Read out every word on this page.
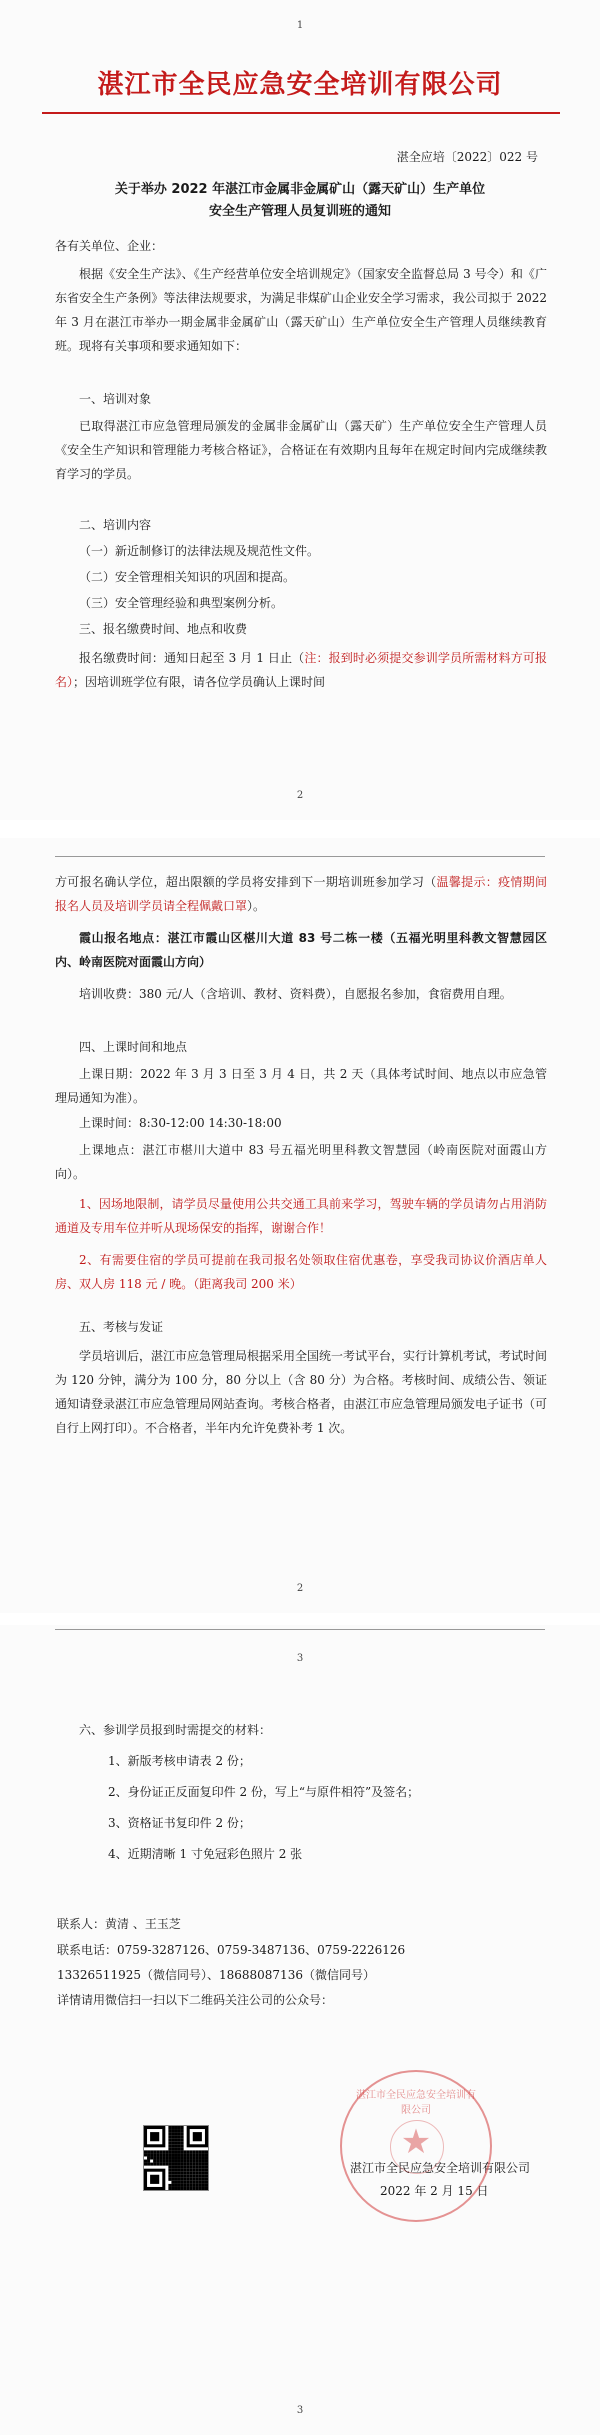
1
湛江市全民应急安全培训有限公司
湛全应培〔2022〕022 号
关于举办 2022 年湛江市金属非金属矿山（露天矿山）生产单位
安全生产管理人员复训班的通知
各有关单位、企业：
根据《安全生产法》、《生产经营单位安全培训规定》（国家安全监督总局 3 号令）和《广东省安全生产条例》等法律法规要求，为满足非煤矿山企业安全学习需求，我公司拟于 2022 年 3 月在湛江市举办一期金属非金属矿山（露天矿山）生产单位安全生产管理人员继续教育班。现将有关事项和要求通知如下：
一、培训对象
已取得湛江市应急管理局颁发的金属非金属矿山（露天矿）生产单位安全生产管理人员《安全生产知识和管理能力考核合格证》，合格证在有效期内且每年在规定时间内完成继续教育学习的学员。
二、培训内容
（一）新近制修订的法律法规及规范性文件。
（二）安全管理相关知识的巩固和提高。
（三）安全管理经验和典型案例分析。
三、报名缴费时间、地点和收费
报名缴费时间：通知日起至 3 月 1 日止（注：报到时必须提交参训学员所需材料方可报名）；因培训班学位有限，请各位学员确认上课时间
2
方可报名确认学位，超出限额的学员将安排到下一期培训班参加学习（温馨提示：疫情期间报名人员及培训学员请全程佩戴口罩）。
霞山报名地点：湛江市霞山区椹川大道 83 号二栋一楼（五福光明里科教文智慧园区内、岭南医院对面霞山方向）
培训收费：380 元/人（含培训、教材、资料费），自愿报名参加，食宿费用自理。
四、上课时间和地点
上课日期：2022 年 3 月 3 日至 3 月 4 日，共 2 天（具体考试时间、地点以市应急管理局通知为准）。
上课时间：8:30-12:00 14:30-18:00
上课地点：湛江市椹川大道中 83 号五福光明里科教文智慧园（岭南医院对面霞山方向）。
1、因场地限制，请学员尽量使用公共交通工具前来学习，驾驶车辆的学员请勿占用消防通道及专用车位并听从现场保安的指挥，谢谢合作！
2、有需要住宿的学员可提前在我司报名处领取住宿优惠卷，享受我司协议价酒店单人房、双人房 118 元 / 晚。（距离我司 200 米）
五、考核与发证
学员培训后，湛江市应急管理局根据采用全国统一考试平台，实行计算机考试，考试时间为 120 分钟，满分为 100 分，80 分以上（含 80 分）为合格。考核时间、成绩公告、领证通知请登录湛江市应急管理局网站查询。考核合格者，由湛江市应急管理局颁发电子证书（可自行上网打印）。不合格者，半年内允许免费补考 1 次。
2
3
六、参训学员报到时需提交的材料：
1、新版考核申请表 2 份；
2、身份证正反面复印件 2 份，写上“与原件相符”及签名；
3、资格证书复印件 2 份；
4、近期清晰 1 寸免冠彩色照片 2 张
联系人：黄清 、王玉芝
联系电话：0759-3287126、0759-3487136、0759-2226126
13326511925（微信同号）、18688087136（微信同号）
详情请用微信扫一扫以下二维码关注公司的公众号：
湛江市全民应急安全培训有限公司
2022 年 2 月 15 日
3
湛江市全民应急安全培训有限公司
★
